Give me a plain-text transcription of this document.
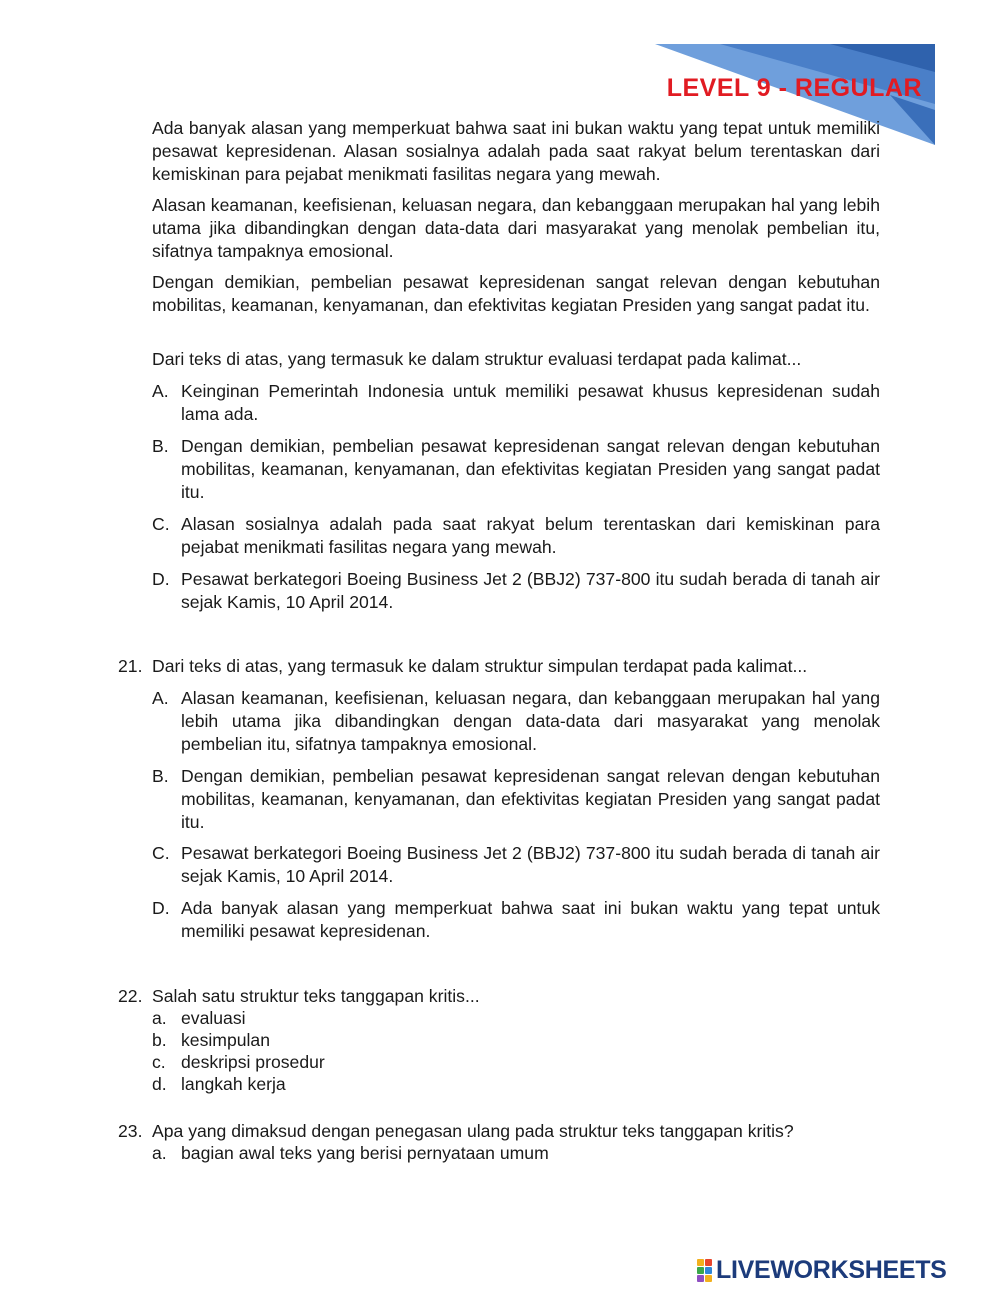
LEVEL 9 - REGULAR

Ada banyak alasan yang memperkuat bahwa saat ini bukan waktu yang tepat untuk memiliki pesawat kepresidenan. Alasan sosialnya adalah pada saat rakyat belum terentaskan dari kemiskinan para pejabat menikmati fasilitas negara yang mewah.

Alasan keamanan, keefisienan, keluasan negara, dan kebanggaan merupakan hal yang lebih utama jika dibandingkan dengan data-data dari masyarakat yang menolak pembelian itu, sifatnya tampaknya emosional.

Dengan demikian, pembelian pesawat kepresidenan sangat relevan dengan kebutuhan mobilitas, keamanan, kenyamanan, dan efektivitas kegiatan Presiden yang sangat padat itu.

Dari teks di atas, yang termasuk ke dalam struktur evaluasi terdapat pada kalimat...
A. Keinginan Pemerintah Indonesia untuk memiliki pesawat khusus kepresidenan sudah lama ada.
B. Dengan demikian, pembelian pesawat kepresidenan sangat relevan dengan kebutuhan mobilitas, keamanan, kenyamanan, dan efektivitas kegiatan Presiden yang sangat padat itu.
C. Alasan sosialnya adalah pada saat rakyat belum terentaskan dari kemiskinan para pejabat menikmati fasilitas negara yang mewah.
D. Pesawat berkategori Boeing Business Jet 2 (BBJ2) 737-800 itu sudah berada di tanah air sejak Kamis, 10 April 2014.
21. Dari teks di atas, yang termasuk ke dalam struktur simpulan terdapat pada kalimat...
A. Alasan keamanan, keefisienan, keluasan negara, dan kebanggaan merupakan hal yang lebih utama jika dibandingkan dengan data-data dari masyarakat yang menolak pembelian itu, sifatnya tampaknya emosional.
B. Dengan demikian, pembelian pesawat kepresidenan sangat relevan dengan kebutuhan mobilitas, keamanan, kenyamanan, dan efektivitas kegiatan Presiden yang sangat padat itu.
C. Pesawat berkategori Boeing Business Jet 2 (BBJ2) 737-800 itu sudah berada di tanah air sejak Kamis, 10 April 2014.
D. Ada banyak alasan yang memperkuat bahwa saat ini bukan waktu yang tepat untuk memiliki pesawat kepresidenan.
22. Salah satu struktur teks tanggapan kritis...
a. evaluasi
b. kesimpulan
c. deskripsi prosedur
d. langkah kerja
23. Apa yang dimaksud dengan penegasan ulang pada struktur teks tanggapan kritis?
a. bagian awal teks yang berisi pernyataan umum
LIVEWORKSHEETS
